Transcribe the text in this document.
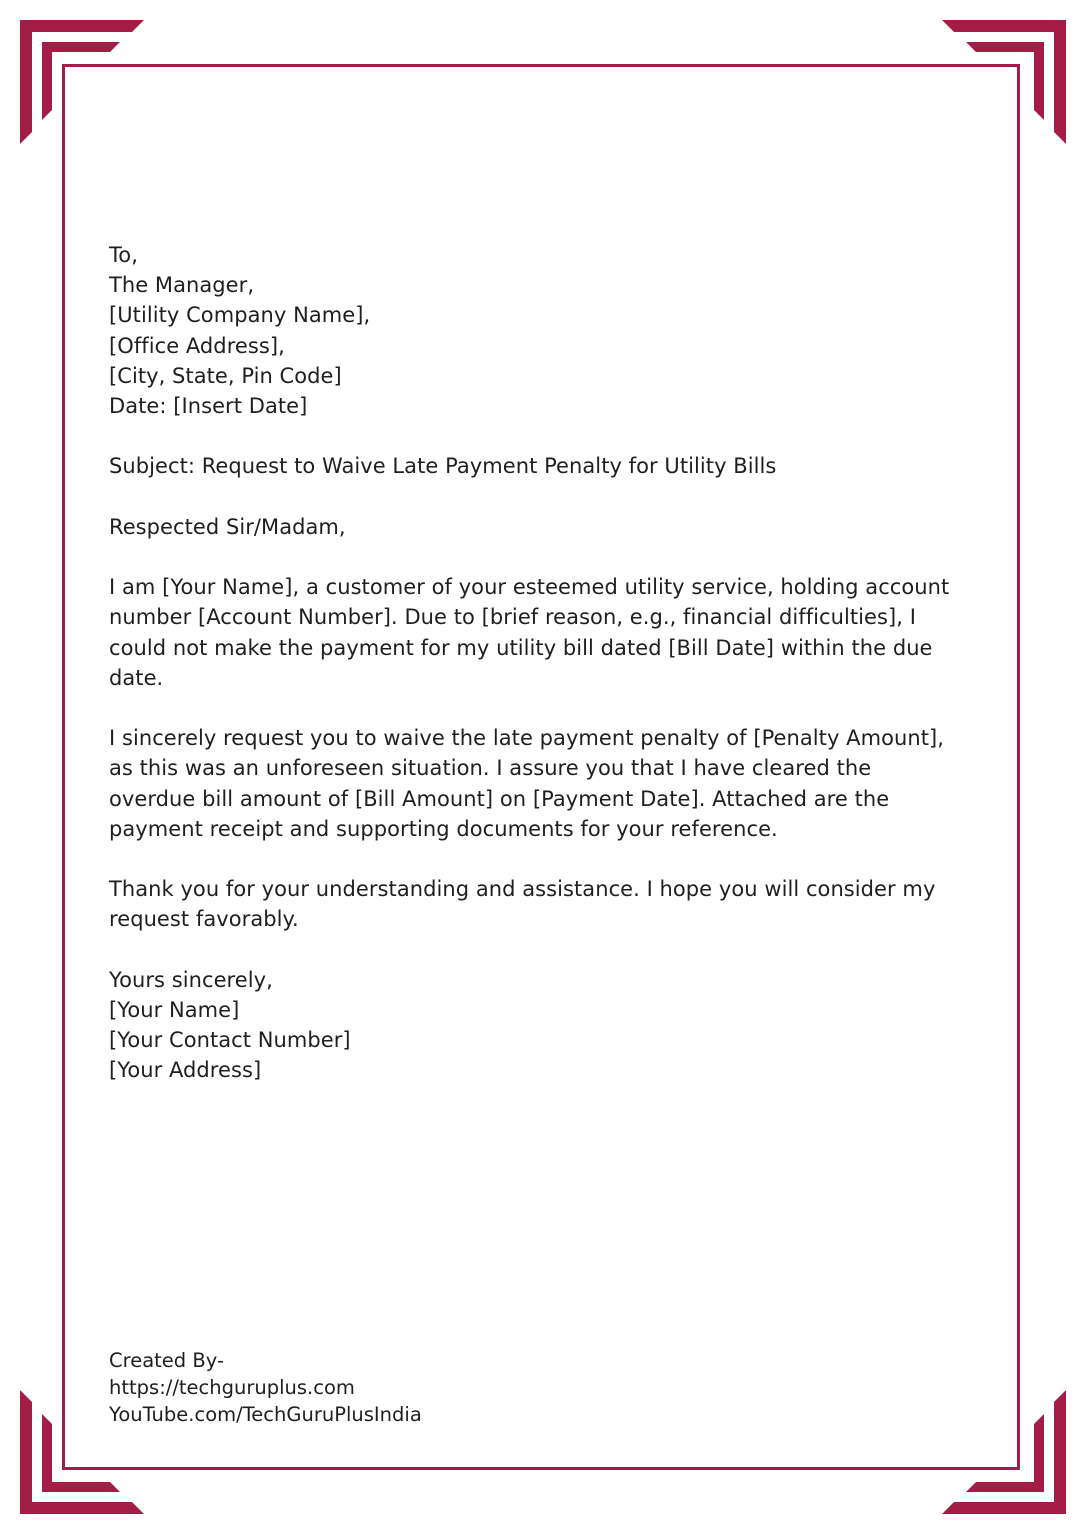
To,
The Manager,
[Utility Company Name],
[Office Address],
[City, State, Pin Code]
Date: [Insert Date]
Subject: Request to Waive Late Payment Penalty for Utility Bills
Respected Sir/Madam,
I am [Your Name], a customer of your esteemed utility service, holding account
number [Account Number]. Due to [brief reason, e.g., financial difficulties], I
could not make the payment for my utility bill dated [Bill Date] within the due
date.
I sincerely request you to waive the late payment penalty of [Penalty Amount],
as this was an unforeseen situation. I assure you that I have cleared the
overdue bill amount of [Bill Amount] on [Payment Date]. Attached are the
payment receipt and supporting documents for your reference.
Thank you for your understanding and assistance. I hope you will consider my
request favorably.
Yours sincerely,
[Your Name]
[Your Contact Number]
[Your Address]
Created By-
https://techguruplus.com
YouTube.com/TechGuruPlusIndia
